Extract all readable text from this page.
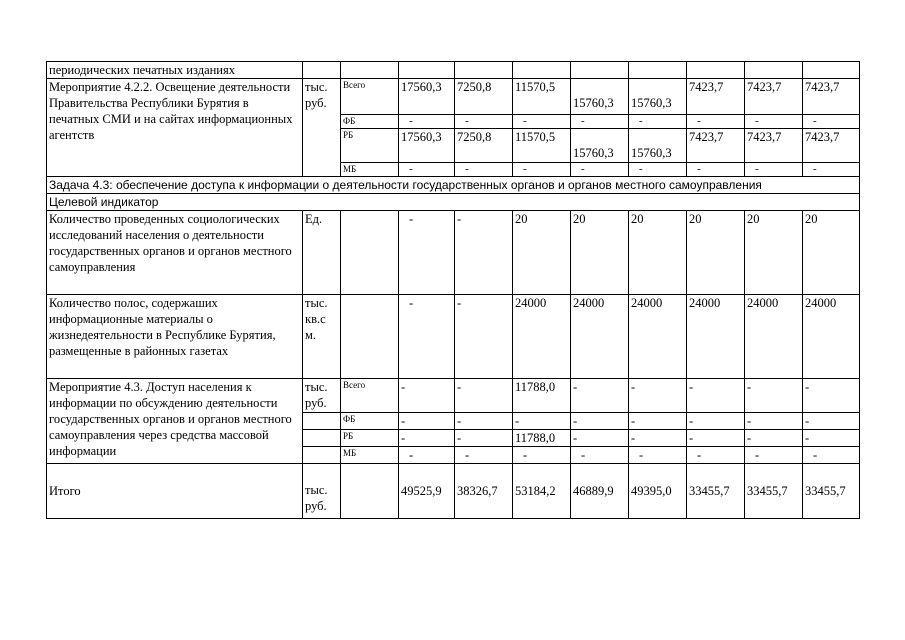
периодических печатных изданиях										
Мероприятие 4.2.2. Освещение деятельности Правительства Республики Бурятия в печатных СМИ и на сайтах информационных агентств	тыс. руб.	Всего	17560,3	7250,8	11570,5	15760,3	15760,3	7423,7	7423,7	7423,7
		ФБ	-	-	-	-	-	-	-	-
		РБ	17560,3	7250,8	11570,5	15760,3	15760,3	7423,7	7423,7	7423,7
		МБ	-	-	-	-	-	-	-	-
Задача 4.3: обеспечение доступа к информации о деятельности государственных органов и органов местного самоуправления										
Целевой индикатор										
Количество проведенных социологических исследований населения о деятельности государственных органов и органов местного самоуправления	Ед.		-	-	20	20	20	20	20	20
Количество полос, содержаших информационные материалы о жизнедеятельности в Республике Бурятия, размещенные в районных газетах	тыс. кв.с м.		-	-	24000	24000	24000	24000	24000	24000
Мероприятие 4.3. Доступ населения к информации по обсуждению деятельности государственных органов и органов местного самоуправления через средства массовой информации	тыс. руб.	Всего	-	-	11788,0	-	-	-	-	-
		ФБ	-	-	-	-	-	-	-	-
		РБ	-	-	11788,0	-	-	-	-	-
		МБ	-	-	-	-	-	-	-	-
Итого	тыс. руб.		49525,9	38326,7	53184,2	46889,9	49395,0	33455,7	33455,7	33455,7
